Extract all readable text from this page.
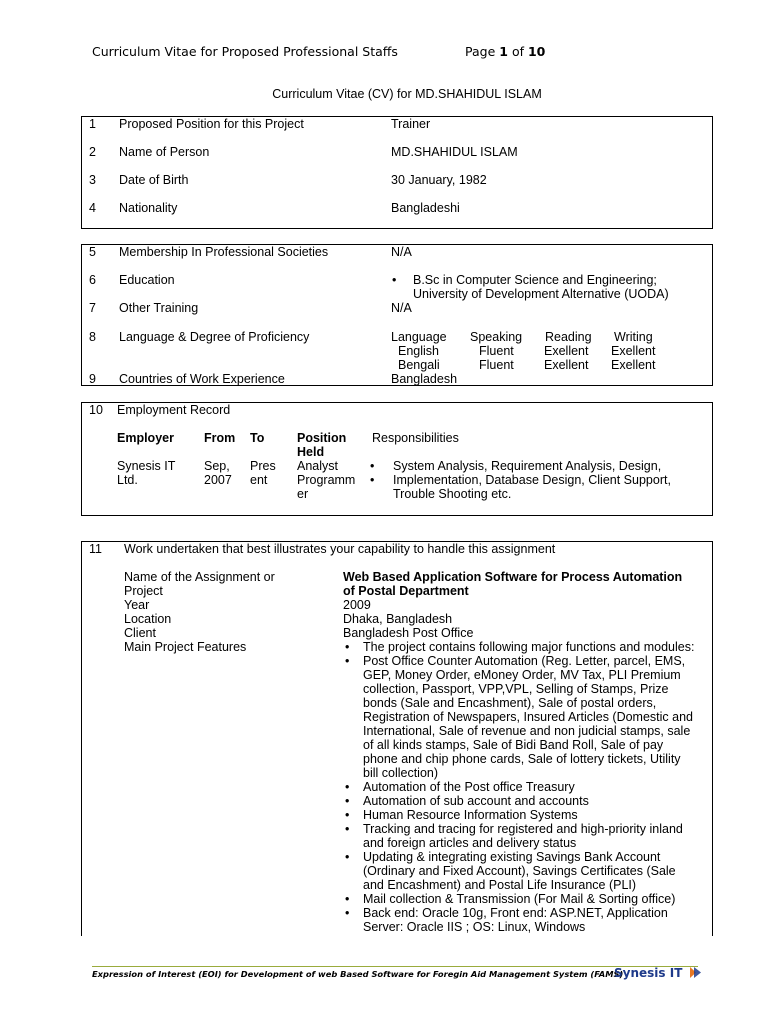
Curriculum Vitae for Proposed Professional Staffs	Page 1 of 10
Curriculum Vitae (CV) for MD.SHAHIDUL ISLAM
1 Proposed Position for this Project	Trainer
2 Name of Person	MD.SHAHIDUL ISLAM
3 Date of Birth	30 January, 1982
4 Nationality	Bangladeshi
5 Membership In Professional Societies	N/A
6 Education	• B.Sc in Computer Science and Engineering;
University of Development Alternative (UODA)
7 Other Training	N/A
8 Language & Degree of Proficiency	Language Speaking Reading Writing
English	Fluent Exellent Exellent
Bengali	Fluent Exellent Exellent
9 Countries of Work Experience	Bangladesh
10 Employment Record
Employer From To	Position
Held
Responsibilities
Synesis IT
Ltd.
Sep,
2007
Pres
ent
Analyst
Programm
er
• System Analysis, Requirement Analysis, Design,
• Implementation, Database Design, Client Support,
Trouble Shooting etc.
11 Work undertaken that best illustrates your capability to handle this assignment
Name of the Assignment or
Project
Web Based Application Software for Process Automation
of Postal Department
Year	2009
Location	Dhaka, Bangladesh
Client	Bangladesh Post Office
Main Project Features
•	The project contains following major functions and modules:
• Post Office Counter Automation (Reg. Letter, parcel, EMS,
GEP, Money Order, eMoney Order, MV Tax, PLI Premium
collection, Passport, VPP,VPL, Selling of Stamps, Prize
bonds (Sale and Encashment), Sale of postal orders,
Registration of Newspapers, Insured Articles (Domestic and
International, Sale of revenue and non judicial stamps, sale
of all kinds stamps, Sale of Bidi Band Roll, Sale of pay
phone and chip phone cards, Sale of lottery tickets, Utility
bill collection)
• Automation of the Post office Treasury
• Automation of sub account and accounts
• Human Resource Information Systems
• Tracking and tracing for registered and high-priority inland
and foreign articles and delivery status
• Updating & integrating existing Savings Bank Account
(Ordinary and Fixed Account), Savings Certificates (Sale
and Encashment) and Postal Life Insurance (PLI)
• Mail collection & Transmission (For Mail & Sorting office)
• Back end: Oracle 10g, Front end: ASP.NET, Application
Server: Oracle IIS ; OS: Linux, Windows
Expression of Interest (EOI) for Development of web Based Software for Foregin Aid Management System (FAMS)
Synesis IT
